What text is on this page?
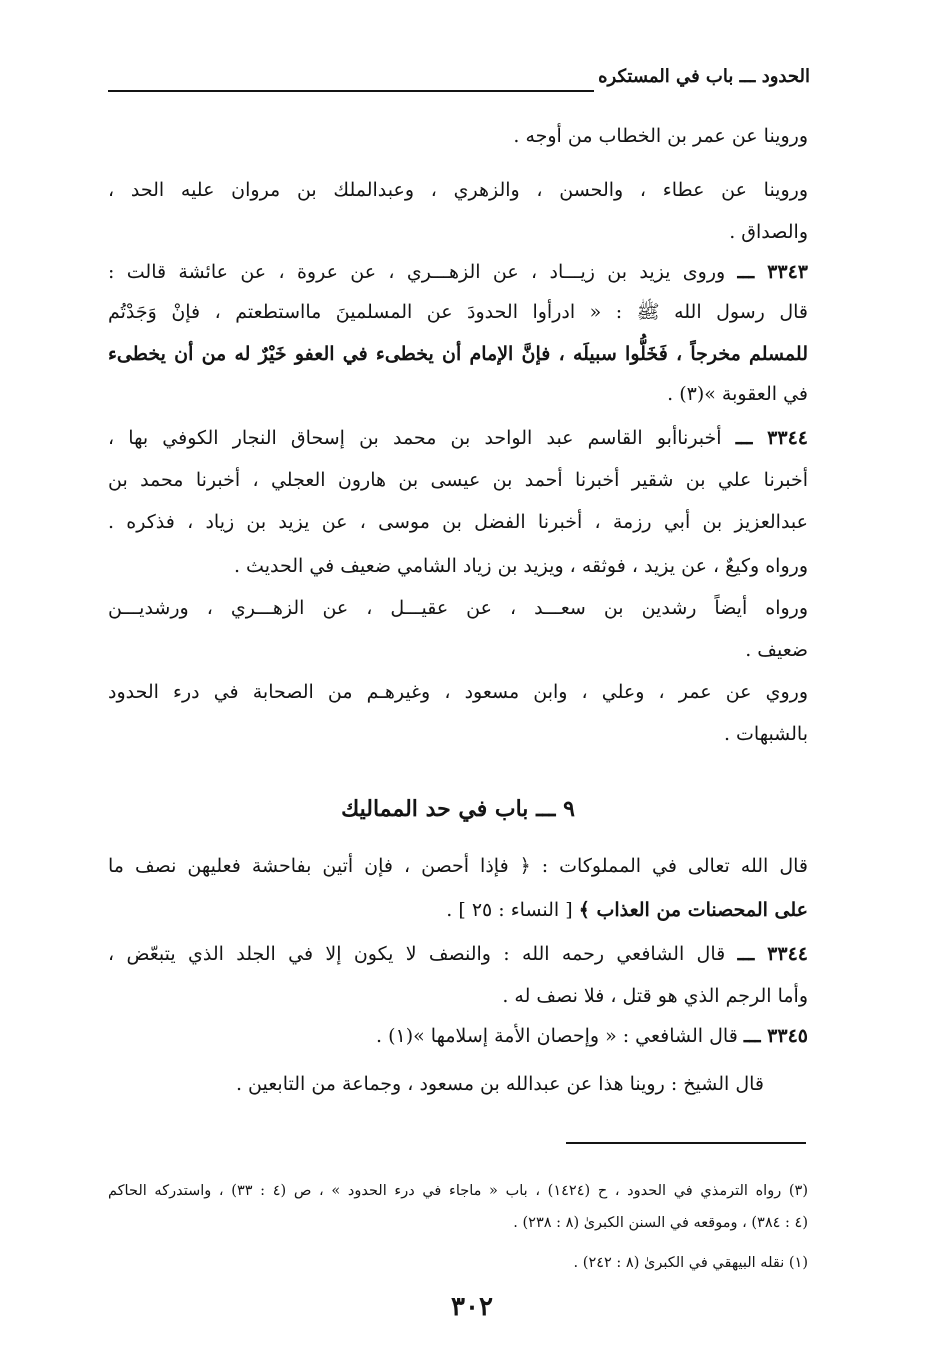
الحدود ـــ باب في المستكره
وروينا عن عمر بن الخطاب من أوجه .
وروينا عن عطاء ، والحسن ، والزهري ، وعبدالملك بن مروان عليه الحد ،
والصداق .
٣٣٤٣ ـــ وروى يزيد بن زيـــاد ، عن الزهـــري ، عن عروة ، عن عائشة قالت :
قال رسول الله ﷺ : « ادرأوا الحدودَ عن المسلمينَ مااستطعتم ، فإنْ وَجَدْتُم
للمسلم مخرجاً ، فَخَلُّوا سبيلَه ، فإنَّ الإمام أن يخطىء في العفو خَيْرٌ له من أن يخطىء
في العقوبة »(٣) .
٣٣٤٤ ـــ أخبرناأبو القاسم عبد الواحد بن محمد بن إسحاق النجار الكوفي بها ،
أخبرنا علي بن شقير أخبرنا أحمد بن عيسى بن هارون العجلي ، أخبرنا محمد بن
عبدالعزيز بن أبي رزمة ، أخبرنا الفضل بن موسى ، عن يزيد بن زياد ، فذكره .
ورواه وكيعٌ ، عن يزيد ، فوثقه ، ويزيد بن زياد الشامي ضعيف في الحديث .
ورواه أيضاً رشدين بن سعـــد ، عن عقيـــل ، عن الزهـــري ، ورشديـــن
ضعيف .
وروي عن عمر ، وعلي ، وابن مسعود ، وغيرهـم من الصحابة في درء الحدود
بالشبهات .
٩ ـــ باب في حد المماليك
قال الله تعالى في المملوكات : ﴿ فإذا أحصن ، فإن أتين بفاحشة فعليهن نصف ما
على المحصنات من العذاب ﴾ [ النساء : ٢٥ ] .
٣٣٤٤ ـــ قال الشافعي رحمه الله : والنصف لا يكون إلا في الجلد الذي يتبعّض ،
وأما الرجم الذي هو قتل ، فلا نصف له .
٣٣٤٥ ـــ قال الشافعي : « وإحصان الأمة إسلامها »(١) .
قال الشيخ : روينا هذا عن عبدالله بن مسعود ، وجماعة من التابعين .
(٣) رواه الترمذي في الحدود ، ح (١٤٢٤) ، باب « ماجاء في درء الحدود » ، ص (٤ : ٣٣) ، واستدركه الحاكم
(٤ : ٣٨٤) ، وموقعه في السنن الكبرىٰ (٨ : ٢٣٨) .
(١) نقله البيهقي في الكبرىٰ (٨ : ٢٤٢) .
٣٠٢
